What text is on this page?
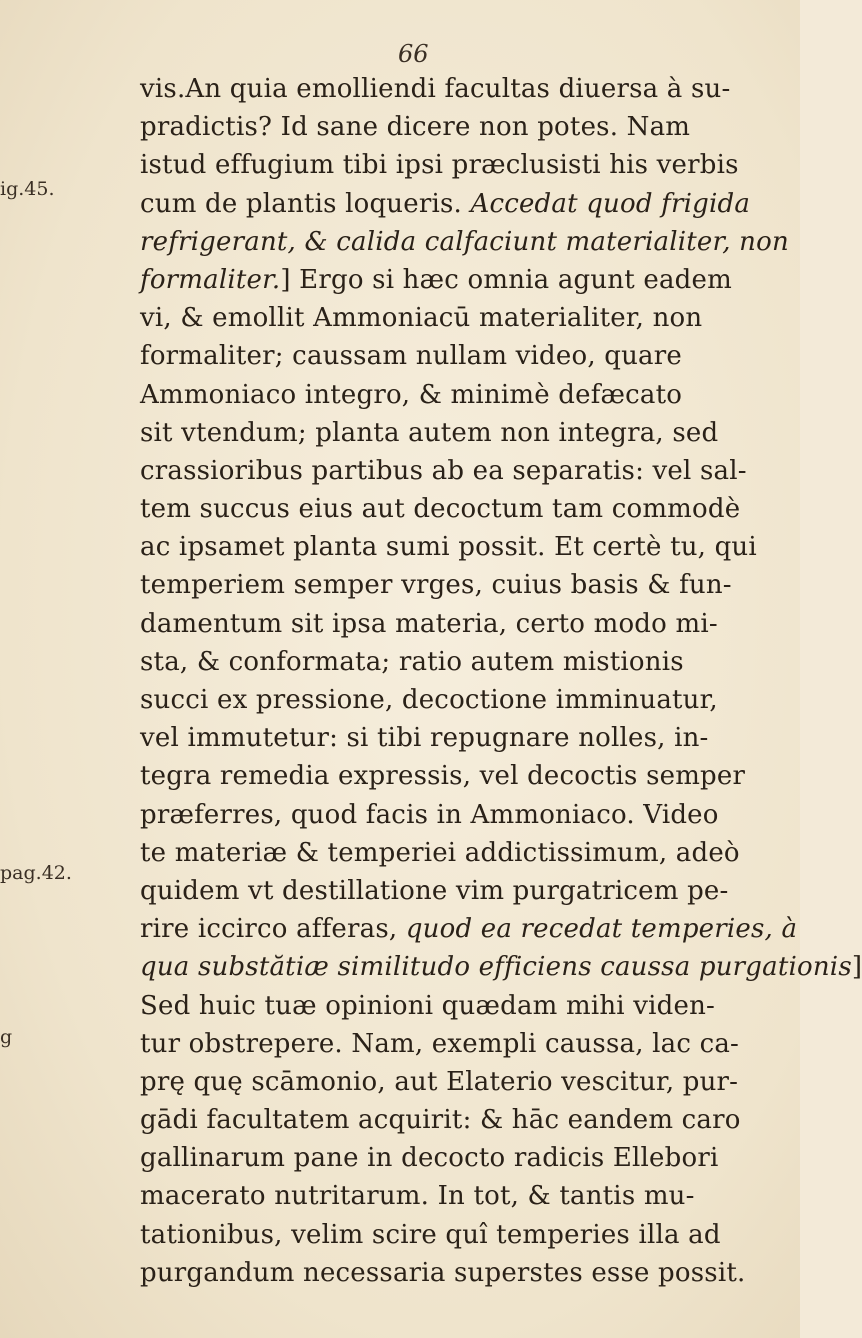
66
ig.45.
pag.42.
g
vis.An quia emolliendi facultas diuersa à su-
pradictis? Id sane dicere non potes. Nam
istud effugium tibi ipsi præclusisti his verbis
cum de plantis loqueris. Accedat quod frigida
refrigerant, & calida calfaciunt materialiter, non
formaliter.] Ergo si hæc omnia agunt eadem
vi, & emollit Ammoniacū materialiter, non
formaliter; caussam nullam video, quare
Ammoniaco integro, & minimè defæcato
sit vtendum; planta autem non integra, sed
crassioribus partibus ab ea separatis: vel sal-
tem succus eius aut decoctum tam commodè
ac ipsamet planta sumi possit. Et certè tu, qui
temperiem semper vrges, cuius basis & fun-
damentum sit ipsa materia, certo modo mi-
sta, & conformata; ratio autem mistionis
succi ex pressione, decoctione imminuatur,
vel immutetur: si tibi repugnare nolles, in-
tegra remedia expressis, vel decoctis semper
præferres, quod facis in Ammoniaco. Video
te materiæ & temperiei addictissimum, adeò
quidem vt destillatione vim purgatricem pe-
rire iccirco afferas, quod ea recedat temperies, à
qua substătiæ similitudo efficiens caussa purgationis]
Sed huic tuæ opinioni quædam mihi viden-
tur obstrepere. Nam, exempli caussa, lac ca-
prę quę scāmonio, aut Elaterio vescitur, pur-
gādi facultatem acquirit: & hāc eandem caro
gallinarum pane in decocto radicis Ellebori
macerato nutritarum. In tot, & tantis mu-
tationibus, velim scire quî temperies illa ad
purgandum necessaria superstes esse possit.
